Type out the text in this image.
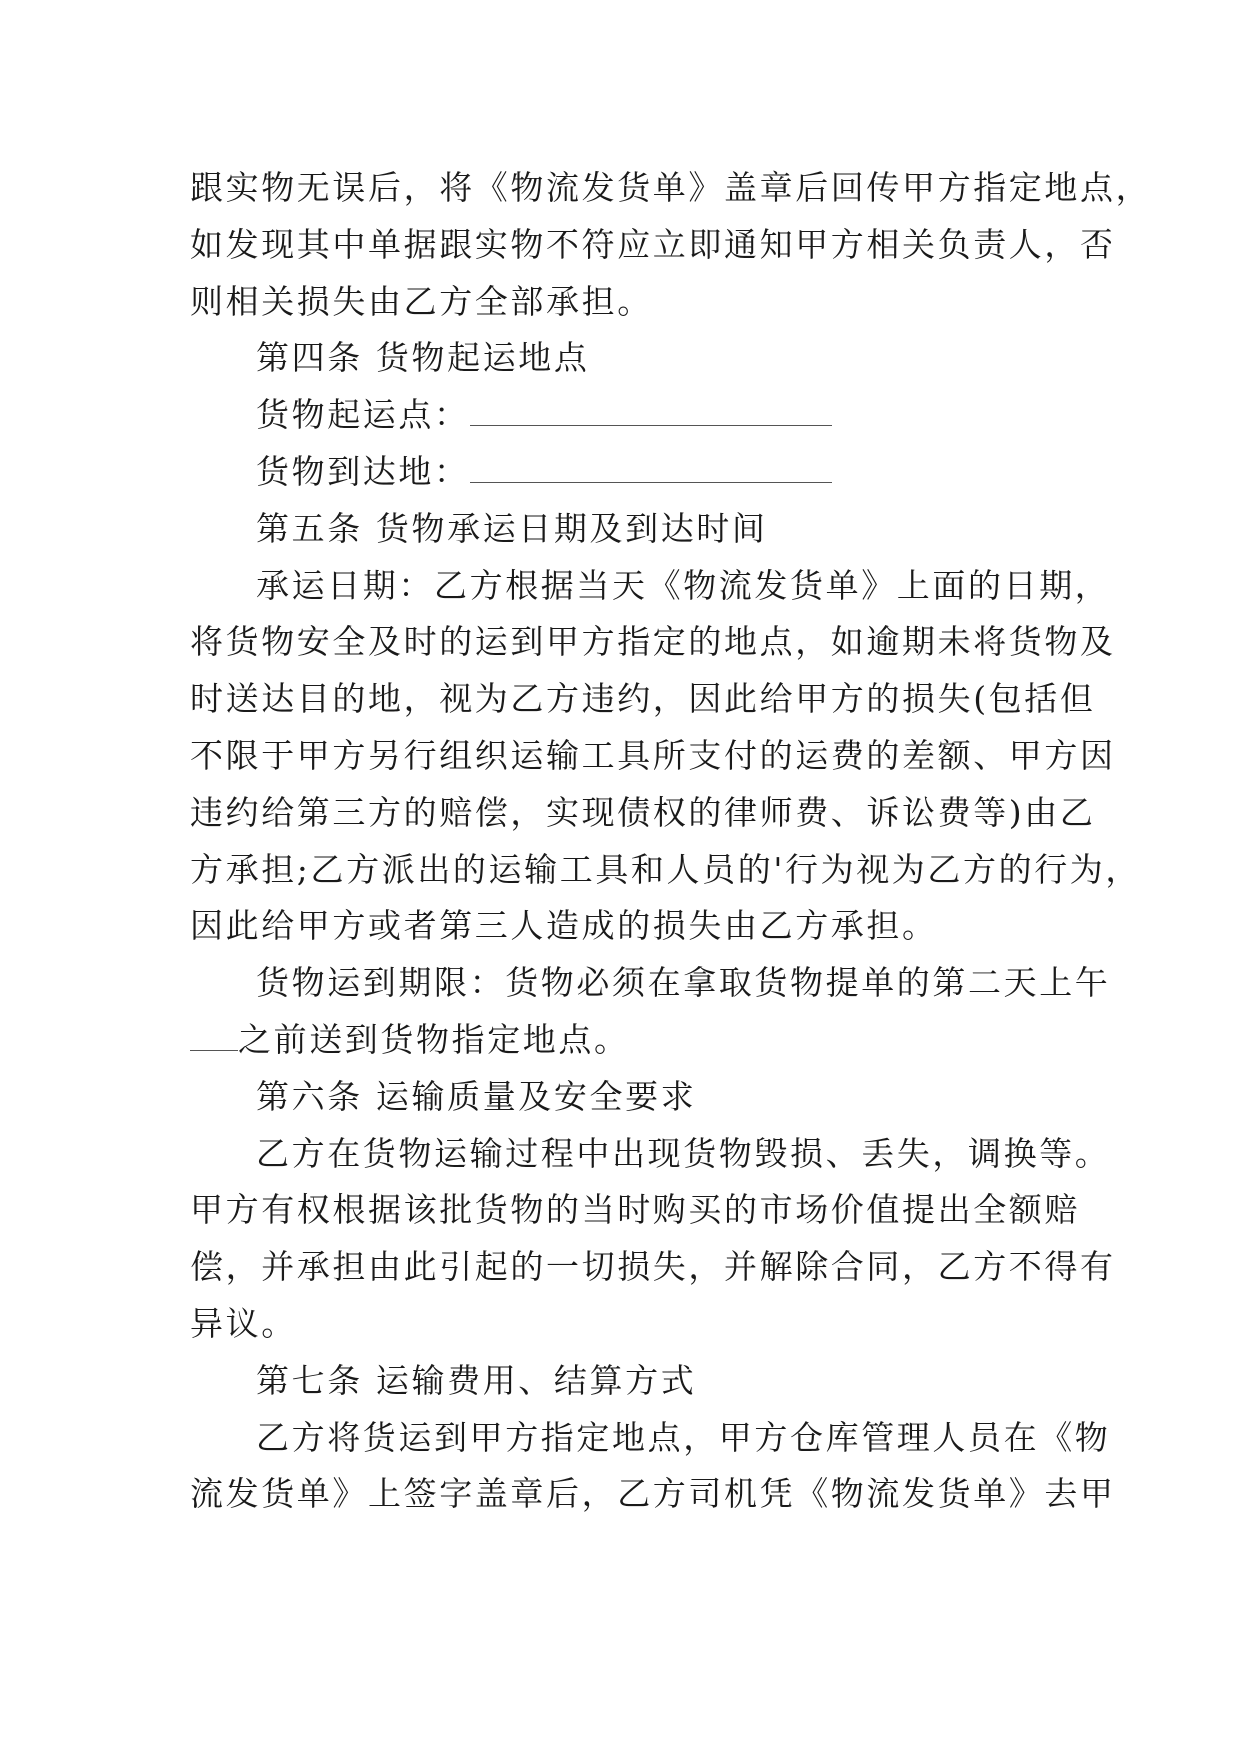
跟实物无误后，将《物流发货单》盖章后回传甲方指定地点，
如发现其中单据跟实物不符应立即通知甲方相关负责人，否
则相关损失由乙方全部承担。
第四条 货物起运地点
货物起运点：
货物到达地：
第五条 货物承运日期及到达时间
承运日期：乙方根据当天《物流发货单》上面的日期，
将货物安全及时的运到甲方指定的地点，如逾期未将货物及
时送达目的地，视为乙方违约，因此给甲方的损失(包括但
不限于甲方另行组织运输工具所支付的运费的差额、甲方因
违约给第三方的赔偿，实现债权的律师费、诉讼费等)由乙
方承担;乙方派出的运输工具和人员的'行为视为乙方的行为，
因此给甲方或者第三人造成的损失由乙方承担。
货物运到期限：货物必须在拿取货物提单的第二天上午
之前送到货物指定地点。
第六条 运输质量及安全要求
乙方在货物运输过程中出现货物毁损、丢失，调换等。
甲方有权根据该批货物的当时购买的市场价值提出全额赔
偿，并承担由此引起的一切损失，并解除合同，乙方不得有
异议。
第七条 运输费用、结算方式
乙方将货运到甲方指定地点，甲方仓库管理人员在《物
流发货单》上签字盖章后，乙方司机凭《物流发货单》去甲
